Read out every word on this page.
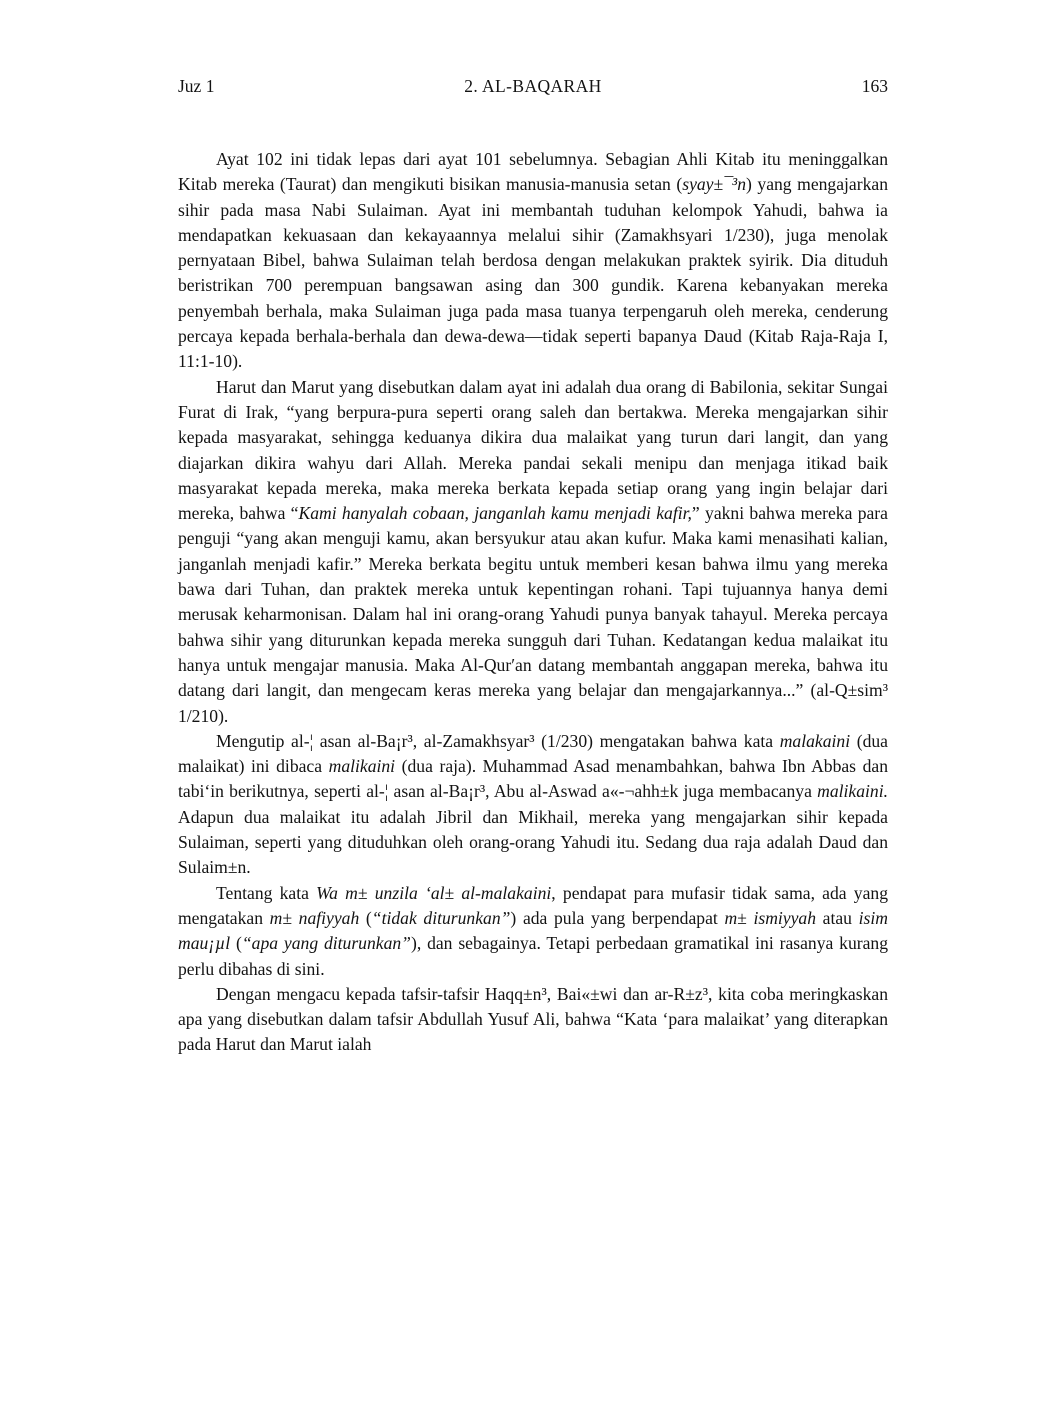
Juz 1	2. AL-BAQARAH	163

Ayat 102 ini tidak lepas dari ayat 101 sebelumnya. Sebagian Ahli Kitab itu meninggalkan Kitab mereka (Taurat) dan mengikuti bisikan manusia-manusia setan (syay±¯³n) yang mengajarkan sihir pada masa Nabi Sulaiman. Ayat ini membantah tuduhan kelompok Yahudi, bahwa ia mendapatkan kekuasaan dan kekayaannya melalui sihir (Zamakhsyari 1/230), juga menolak pernyataan Bibel, bahwa Sulaiman telah berdosa dengan melakukan praktek syirik. Dia dituduh beristrikan 700 perempuan bangsawan asing dan 300 gundik. Karena kebanyakan mereka penyembah berhala, maka Sulaiman juga pada masa tuanya terpengaruh oleh mereka, cenderung percaya kepada berhala-berhala dan dewa-dewa—tidak seperti bapanya Daud (Kitab Raja-Raja I, 11:1-10).

Harut dan Marut yang disebutkan dalam ayat ini adalah dua orang di Babilonia, sekitar Sungai Furat di Irak, “yang berpura-pura seperti orang saleh dan bertakwa. Mereka mengajarkan sihir kepada masyarakat, sehingga keduanya dikira dua malaikat yang turun dari langit, dan yang diajarkan dikira wahyu dari Allah. Mereka pandai sekali menipu dan menjaga itikad baik masyarakat kepada mereka, maka mereka berkata kepada setiap orang yang ingin belajar dari mereka, bahwa “Kami hanyalah cobaan, janganlah kamu menjadi kafir,” yakni bahwa mereka para penguji “yang akan menguji kamu, akan bersyukur atau akan kufur. Maka kami menasihati kalian, janganlah menjadi kafir.” Mereka berkata begitu untuk memberi kesan bahwa ilmu yang mereka bawa dari Tuhan, dan praktek mereka untuk kepentingan rohani. Tapi tujuannya hanya demi merusak keharmonisan. Dalam hal ini orang-orang Yahudi punya banyak tahayul. Mereka percaya bahwa sihir yang diturunkan kepada mereka sungguh dari Tuhan. Kedatangan kedua malaikat itu hanya untuk mengajar manusia. Maka Al-Qur′an datang membantah anggapan mereka, bahwa itu datang dari langit, dan mengecam keras mereka yang belajar dan mengajarkannya...” (al-Q±sim³ 1/210).

Mengutip al-¦ asan al-Ba¡r³, al-Zamakhsyar³ (1/230) mengatakan bahwa kata malakaini (dua malaikat) ini dibaca malikaini (dua raja). Muhammad Asad menambahkan, bahwa Ibn Abbas dan tabi‘in berikutnya, seperti al-¦ asan al-Ba¡r³, Abu al-Aswad a«-¬ahh±k juga membacanya malikaini. Adapun dua malaikat itu adalah Jibril dan Mikhail, mereka yang mengajarkan sihir kepada Sulaiman, seperti yang dituduhkan oleh orang-orang Yahudi itu. Sedang dua raja adalah Daud dan Sulaim±n.

Tentang kata Wa m± unzila ‘al± al-malakaini, pendapat para mufasir tidak sama, ada yang mengatakan m± nafiyyah (“tidak diturunkan”) ada pula yang berpendapat m± ismiyyah atau isim mau¡µl (“apa yang diturunkan”), dan sebagainya. Tetapi perbedaan gramatikal ini rasanya kurang perlu dibahas di sini.

Dengan mengacu kepada tafsir-tafsir Haqq±n³, Bai«±wi dan ar-R±z³, kita coba meringkaskan apa yang disebutkan dalam tafsir Abdullah Yusuf Ali, bahwa “Kata ‘para malaikat’ yang diterapkan pada Harut dan Marut ialah
